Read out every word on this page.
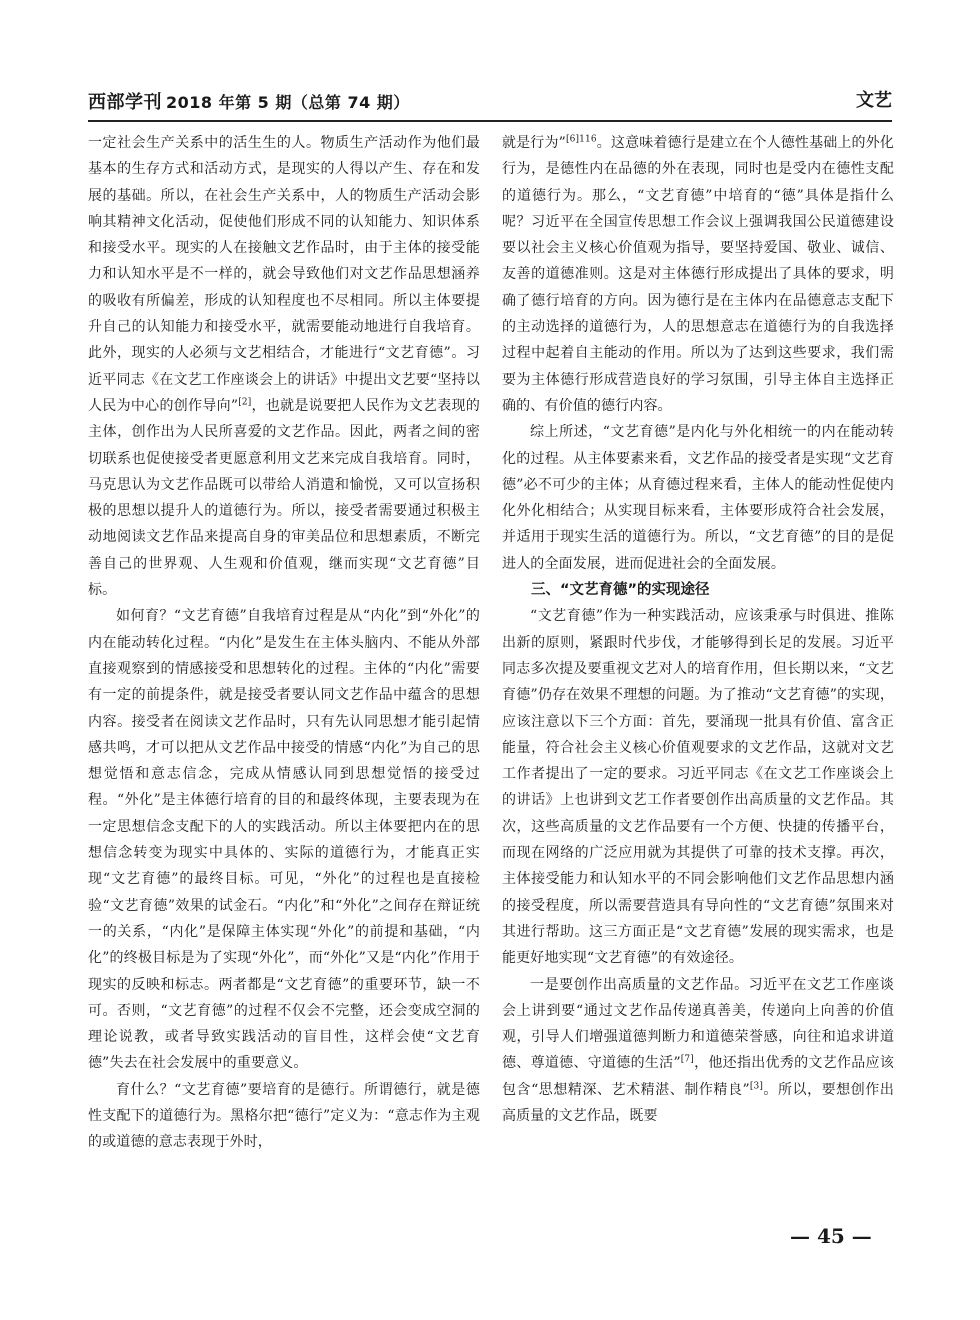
西部学刊 2018 年第 5 期（总第 74 期）	文艺

一定社会生产关系中的活生生的人。物质生产活动作为他们最基本的生存方式和活动方式，是现实的人得以产生、存在和发展的基础。所以，在社会生产关系中，人的物质生产活动会影响其精神文化活动，促使他们形成不同的认知能力、知识体系和接受水平。现实的人在接触文艺作品时，由于主体的接受能力和认知水平是不一样的，就会导致他们对文艺作品思想涵养的吸收有所偏差，形成的认知程度也不尽相同。所以主体要提升自己的认知能力和接受水平，就需要能动地进行自我培育。此外，现实的人必须与文艺相结合，才能进行“文艺育德”。习近平同志《在文艺工作座谈会上的讲话》中提出文艺要“坚持以人民为中心的创作导向”[2]，也就是说要把人民作为文艺表现的主体，创作出为人民所喜爱的文艺作品。因此，两者之间的密切联系也促使接受者更愿意利用文艺来完成自我培育。同时，马克思认为文艺作品既可以带给人消遣和愉悦，又可以宣扬积极的思想以提升人的道德行为。所以，接受者需要通过积极主动地阅读文艺作品来提高自身的审美品位和思想素质，不断完善自己的世界观、人生观和价值观，继而实现“文艺育德”目标。

如何育？“文艺育德”自我培育过程是从“内化”到“外化”的内在能动转化过程。“内化”是发生在主体头脑内、不能从外部直接观察到的情感接受和思想转化的过程。主体的“内化”需要有一定的前提条件，就是接受者要认同文艺作品中蕴含的思想内容。接受者在阅读文艺作品时，只有先认同思想才能引起情感共鸣，才可以把从文艺作品中接受的情感“内化”为自己的思想觉悟和意志信念，完成从情感认同到思想觉悟的接受过程。“外化”是主体德行培育的目的和最终体现，主要表现为在一定思想信念支配下的人的实践活动。所以主体要把内在的思想信念转变为现实中具体的、实际的道德行为，才能真正实现“文艺育德”的最终目标。可见，“外化”的过程也是直接检验“文艺育德”效果的试金石。“内化”和“外化”之间存在辩证统一的关系，“内化”是保障主体实现“外化”的前提和基础，“内化”的终极目标是为了实现“外化”，而“外化”又是“内化”作用于现实的反映和标志。两者都是“文艺育德”的重要环节，缺一不可。否则，“文艺育德”的过程不仅会不完整，还会变成空洞的理论说教，或者导致实践活动的盲目性，这样会使“文艺育德”失去在社会发展中的重要意义。

育什么？“文艺育德”要培育的是德行。所谓德行，就是德性支配下的道德行为。黑格尔把“德行”定义为：“意志作为主观的或道德的意志表现于外时，

就是行为”$^{[6]116}$。这意味着德行是建立在个人德性基础上的外化行为，是德性内在品德的外在表现，同时也是受内在德性支配的道德行为。那么，“文艺育德”中培育的“德”具体是指什么呢？习近平在全国宣传思想工作会议上强调我国公民道德建设要以社会主义核心价值观为指导，要坚持爱国、敬业、诚信、友善的道德准则。这是对主体德行形成提出了具体的要求，明确了德行培育的方向。因为德行是在主体内在品德意志支配下的主动选择的道德行为，人的思想意志在道德行为的自我选择过程中起着自主能动的作用。所以为了达到这些要求，我们需要为主体德行形成营造良好的学习氛围，引导主体自主选择正确的、有价值的德行内容。

综上所述，“文艺育德”是内化与外化相统一的内在能动转化的过程。从主体要素来看，文艺作品的接受者是实现“文艺育德”必不可少的主体；从育德过程来看，主体人的能动性促使内化外化相结合；从实现目标来看，主体要形成符合社会发展，并适用于现实生活的道德行为。所以，“文艺育德”的目的是促进人的全面发展，进而促进社会的全面发展。

三、“文艺育德”的实现途径

“文艺育德”作为一种实践活动，应该秉承与时俱进、推陈出新的原则，紧跟时代步伐，才能够得到长足的发展。习近平同志多次提及要重视文艺对人的培育作用，但长期以来，“文艺育德”仍存在效果不理想的问题。为了推动“文艺育德”的实现，应该注意以下三个方面：首先，要涌现一批具有价值、富含正能量，符合社会主义核心价值观要求的文艺作品，这就对文艺工作者提出了一定的要求。习近平同志《在文艺工作座谈会上的讲话》上也讲到文艺工作者要创作出高质量的文艺作品。其次，这些高质量的文艺作品要有一个方便、快捷的传播平台，而现在网络的广泛应用就为其提供了可靠的技术支撑。再次，主体接受能力和认知水平的不同会影响他们文艺作品思想内涵的接受程度，所以需要营造具有导向性的“文艺育德”氛围来对其进行帮助。这三方面正是“文艺育德”发展的现实需求，也是能更好地实现“文艺育德”的有效途径。

一是要创作出高质量的文艺作品。习近平在文艺工作座谈会上讲到要“通过文艺作品传递真善美，传递向上向善的价值观，引导人们增强道德判断力和道德荣誉感，向往和追求讲道德、尊道德、守道德的生活”[7]，他还指出优秀的文艺作品应该包含“思想精深、艺术精湛、制作精良”[3]。所以，要想创作出高质量的文艺作品，既要

— 45 —
